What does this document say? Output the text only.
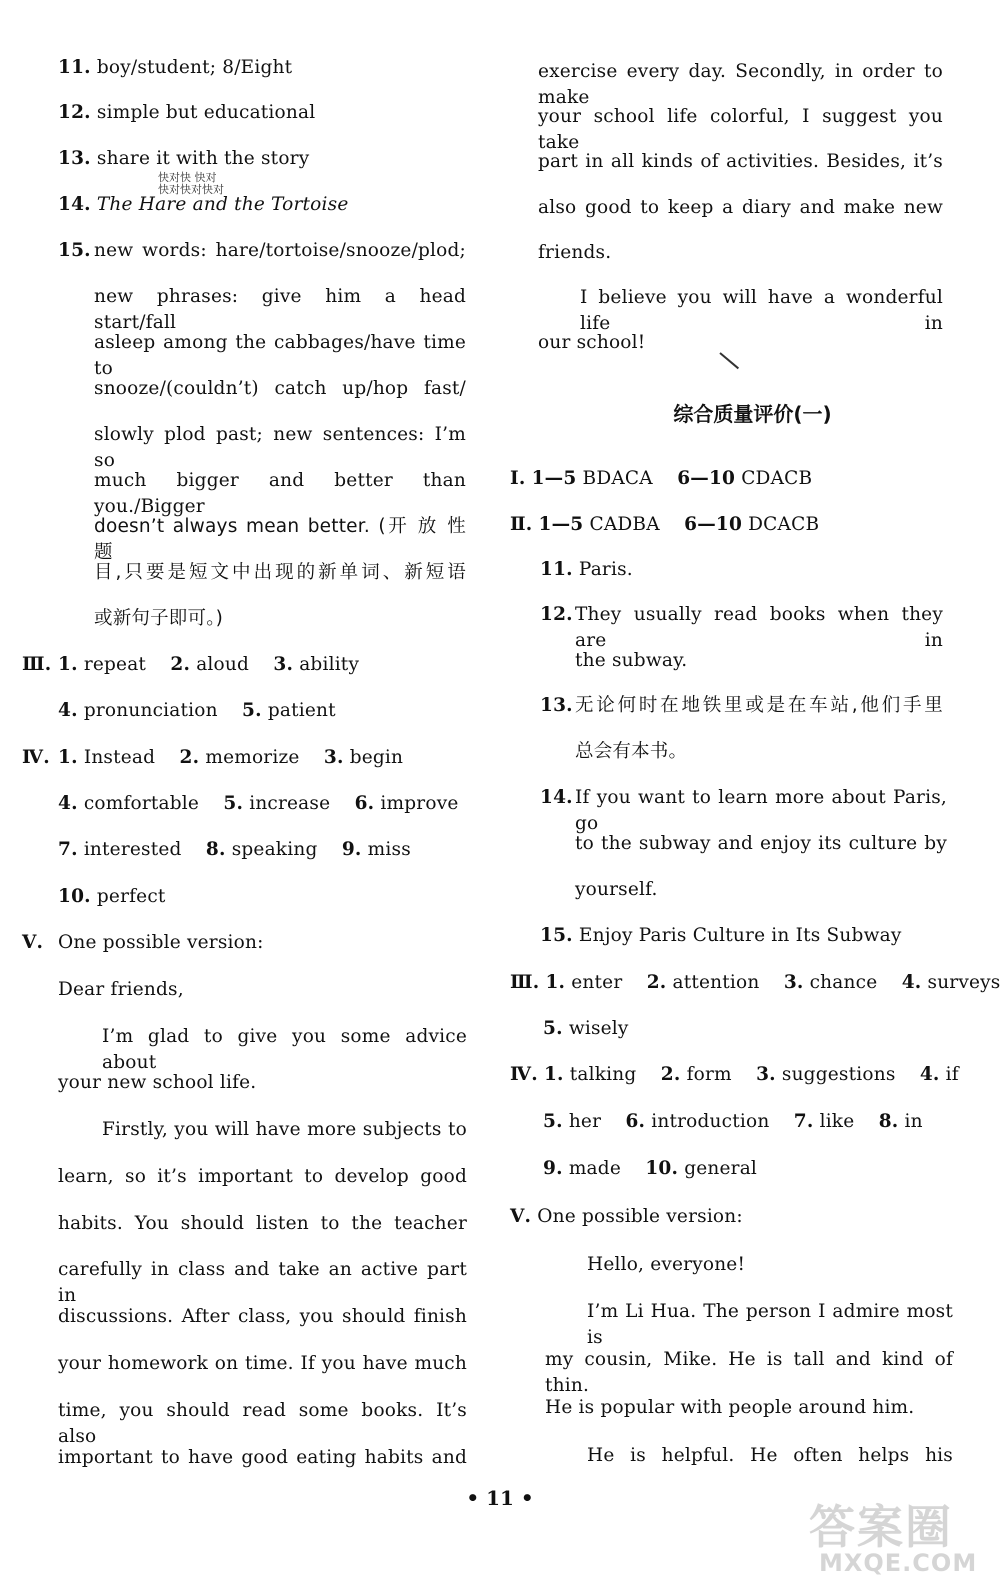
11. boy/student; 8/Eight
12. simple but educational
13. share it with the story
14. The Hare and the Tortoise
快对快 快对
快对快对快对
15. new words: hare/tortoise/snooze/plod;
new phrases: give him a head start/fall
asleep among the cabbages/have time to
snooze/(couldn’t) catch up/hop fast/
slowly plod past; new sentences: I’m so
much bigger and better than you./Bigger
doesn’t always mean better. (开 放 性 题
目,只要是短文中出现的新单词、新短语
或新句子即可。)
Ⅲ. 1. repeat 2. aloud 3. ability
4. pronunciation 5. patient
Ⅳ. 1. Instead 2. memorize 3. begin
4. comfortable 5. increase 6. improve
7. interested 8. speaking 9. miss
10. perfect
Ⅴ. One possible version:
Dear friends,
I’m glad to give you some advice about
your new school life.
Firstly, you will have more subjects to
learn, so it’s important to develop good
habits. You should listen to the teacher
carefully in class and take an active part in
discussions. After class, you should finish
your homework on time. If you have much
time, you should read some books. It’s also
important to have good eating habits and
exercise every day. Secondly, in order to make
your school life colorful, I suggest you take
part in all kinds of activities. Besides, it’s
also good to keep a diary and make new
friends.
I believe you will have a wonderful life in
our school!
综合质量评价(一)
Ⅰ. 1—5 BDACA 6—10 CDACB
Ⅱ. 1—5 CADBA 6—10 DCACB
11. Paris.
12. They usually read books when they are in
the subway.
13. 无论何时在地铁里或是在车站,他们手里
总会有本书。
14. If you want to learn more about Paris, go
to the subway and enjoy its culture by
yourself.
15. Enjoy Paris Culture in Its Subway
Ⅲ. 1. enter 2. attention 3. chance 4. surveys
5. wisely
Ⅳ. 1. talking 2. form 3. suggestions 4. if
5. her 6. introduction 7. like 8. in
9. made 10. general
Ⅴ. One possible version:
Hello, everyone!
I’m Li Hua. The person I admire most is
my cousin, Mike. He is tall and kind of thin.
He is popular with people around him.
He is helpful. He often helps his
• 11 •
答案圈
MXQE.COM
